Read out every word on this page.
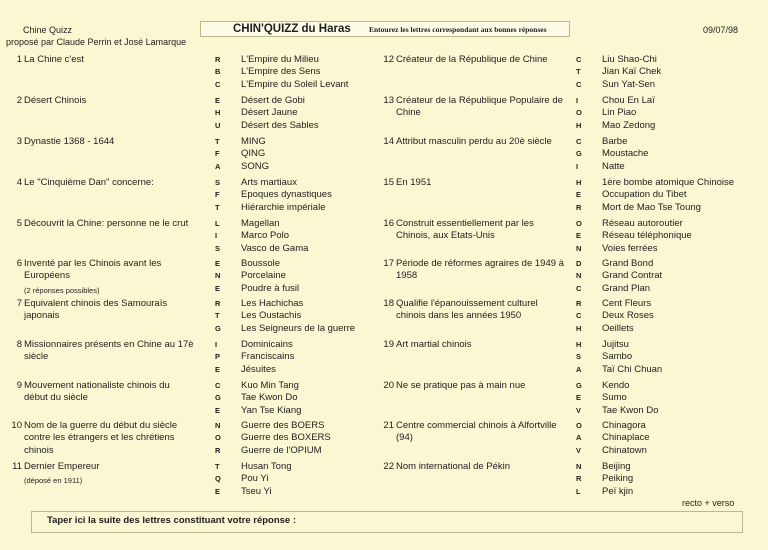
Chine Quizz
proposé par Claude Perrin et José Lamarque
CHIN'QUIZZ du Haras Entourez les lettres correspondant aux bonnes réponses	09/07/98
1 La Chine c'est	R L'Empire du Milieu
B L'Empire des Sens
C L'Empire du Soleil Levant
2 Désert Chinois	E Désert de Gobi
H Désert Jaune
U Désert des Sables
3 Dynastie 1368 - 1644	T MING
F QING
A SONG
4 Le "Cinquième Dan" concerne:	S Arts martiaux
F Epoques dynastiques
T Hiérarchie impériale
5 Découvrit la Chine: personne ne le crut	L Magellan
I	Marco Polo
S Vasco de Gama
6 Inventé par les Chinois avant les Européens
(2 réponses possibles)
E Boussole
N Porcelaine
E Poudre à fusil
7 Equivalent chinois des Samouraïs japonais
R Les Hachichas
T Les Oustachis
G Les Seigneurs de la guerre
8 Missionnaires présents en Chine au 17è siècle
I	Dominicains
P Franciscains
E Jésuites
9 Mouvement nationaliste chinois du début du siècle
C Kuo Min Tang
G Tae Kwon Do
E Yan Tse Kiang
10 Nom de la guerre du début du siècle contre les étrangers et les chrétiens chinois
N Guerre des BOERS
O Guerre des BOXERS
R Guerre de l'OPIUM
11 Dernier Empereur
(déposé en 1911)
T Husan Tong
Q Pou Yi
E Tseu Yi
12 Créateur de la République de Chine	C Liu Shao-Chi
T Jian Kaï Chek
C Sun Yat-Sen
13 Créateur de la République Populaire de Chine
I	Chou En Laï
O Lin Piao
H Mao Zedong
14 Attribut masculin perdu au 20è siècle	C Barbe
G Moustache
I	Natte
15 En 1951	H 1ère bombe atomique Chinoise
E Occupation du Tibet
R Mort de Mao Tse Toung
16 Construit essentiellement par les Chinois, aux Etats-Unis
O Réseau autoroutier
E Réseau téléphonique
N Voies ferrées
17 Période de réformes agraires de 1949 à 1958
D Grand Bond
N Grand Contrat
C Grand Plan
18 Qualifie l'épanouissement culturel chinois dans les années 1950
R Cent Fleurs
C Deux Roses
H Oeillets
19 Art martial chinois	H Jujitsu
S Sambo
A Taï Chi Chuan
20 Ne se pratique pas à main nue	G Kendo
E Sumo
V Tae Kwon Do
21 Centre commercial chinois à Alfortville (94)
O Chinagora
A Chinaplace
V Chinatown
22 Nom international de Pékin	N Beijing
R Peiking
L Peï kjin
recto + verso
Taper ici la suite des lettres constituant votre réponse :
